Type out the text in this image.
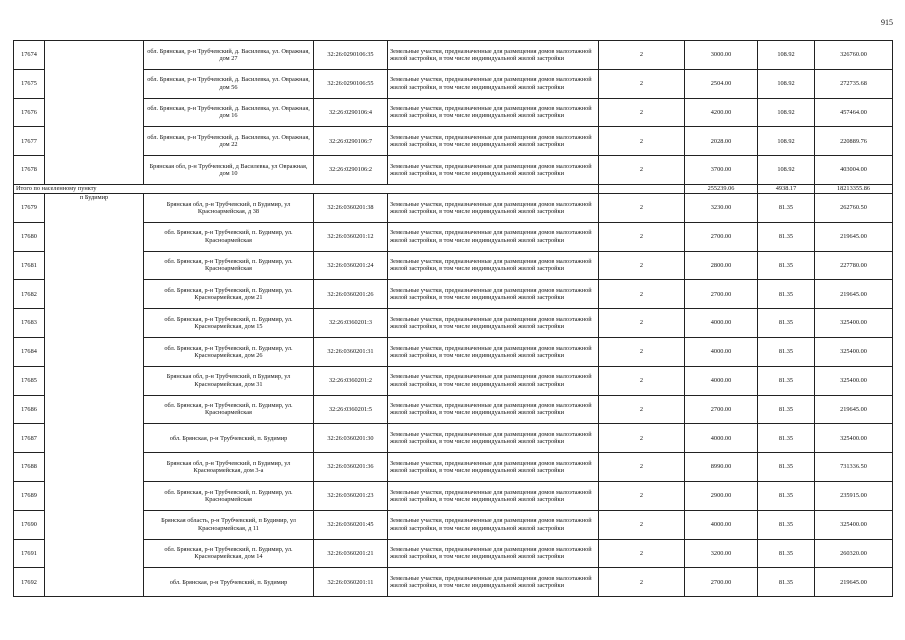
915
17674		обл. Брянская, р-н Трубчевский, д. Василевка, ул. Овражная, дом 27	32:26:0290106:35	Земельные участки, предназначенные для размещения домов малоэтажной жилой застройки, в том числе индивидуальной жилой застройки	2	3000.00	108.92	326760.00
17675		обл. Брянская, р-н Трубчевский, д. Василевка, ул. Овражная, дом 56	32:26:0290106:55	Земельные участки, предназначенные для размещения домов малоэтажной жилой застройки, в том числе индивидуальной жилой застройки	2	2504.00	108.92	272735.68
17676		обл. Брянская, р-н Трубчевский, д. Василевка, ул. Овражная, дом 16	32:26:0290106:4	Земельные участки, предназначенные для размещения домов малоэтажной жилой застройки, в том числе индивидуальной жилой застройки	2	4200.00	108.92	457464.00
17677		обл. Брянская, р-н Трубчевский, д. Василевка, ул. Овражная, дом 22	32:26:0290106:7	Земельные участки, предназначенные для размещения домов малоэтажной жилой застройки, в том числе индивидуальной жилой застройки	2	2028.00	108.92	220889.76
17678		Брянская обл, р-н Трубчевский, д Василевка, ул Овражная, дом 10	32:26:0290106:2	Земельные участки, предназначенные для размещения домов малоэтажной жилой застройки, в том числе индивидуальной жилой застройки	2	3700.00	108.92	403004.00
Итого по населенному пункту						255239.06	4938.17	18213355.86
17679	п Будимир	Брянская обл, р-н Трубчевский, п Будимир, ул Красноармейская, д 38	32:26:0360201:38	Земельные участки, предназначенные для размещения домов малоэтажной жилой застройки, в том числе индивидуальной жилой застройки	2	3230.00	81.35	262760.50
17680		обл. Брянская, р-н Трубчевский, п. Будимир, ул. Красноармейская	32:26:0360201:12	Земельные участки, предназначенные для размещения домов малоэтажной жилой застройки, в том числе индивидуальной жилой застройки	2	2700.00	81.35	219645.00
17681		обл. Брянская, р-н Трубчевский, п. Будимир, ул. Красноармейская	32:26:0360201:24	Земельные участки, предназначенные для размещения домов малоэтажной жилой застройки, в том числе индивидуальной жилой застройки	2	2800.00	81.35	227780.00
17682		обл. Брянская, р-н Трубчевский, п. Будимир, ул. Красноармейская, дом 21	32:26:0360201:26	Земельные участки, предназначенные для размещения домов малоэтажной жилой застройки, в том числе индивидуальной жилой застройки	2	2700.00	81.35	219645.00
17683		обл. Брянская, р-н Трубчевский, п. Будимир, ул. Красноармейская, дом 15	32:26:0360201:3	Земельные участки, предназначенные для размещения домов малоэтажной жилой застройки, в том числе индивидуальной жилой застройки	2	4000.00	81.35	325400.00
17684		обл. Брянская, р-н Трубчевский, п. Будимир, ул. Красноармейская, дом 26	32:26:0360201:31	Земельные участки, предназначенные для размещения домов малоэтажной жилой застройки, в том числе индивидуальной жилой застройки	2	4000.00	81.35	325400.00
17685		Брянская обл, р-н Трубчевский, п Будимир, ул Красноармейская, дом 31	32:26:0360201:2	Земельные участки, предназначенные для размещения домов малоэтажной жилой застройки, в том числе индивидуальной жилой застройки	2	4000.00	81.35	325400.00
17686		обл. Брянская, р-н Трубчевский, п. Будимир, ул. Красноармейская	32:26:0360201:5	Земельные участки, предназначенные для размещения домов малоэтажной жилой застройки, в том числе индивидуальной жилой застройки	2	2700.00	81.35	219645.00
17687		обл. Брянская, р-н Трубчевский, п. Будимир	32:26:0360201:30	Земельные участки, предназначенные для размещения домов малоэтажной жилой застройки, в том числе индивидуальной жилой застройки	2	4000.00	81.35	325400.00
17688		Брянская обл, р-н Трубчевский, п Будимир, ул Красноармейская, дом 3-а	32:26:0360201:36	Земельные участки, предназначенные для размещения домов малоэтажной жилой застройки, в том числе индивидуальной жилой застройки	2	8990.00	81.35	731336.50
17689		обл. Брянская, р-н Трубчевский, п. Будимир, ул. Красноармейская	32:26:0360201:23	Земельные участки, предназначенные для размещения домов малоэтажной жилой застройки, в том числе индивидуальной жилой застройки	2	2900.00	81.35	235915.00
17690		Брянская область, р-н Трубчевский, п Будимир, ул Красноармейская, д 11	32:26:0360201:45	Земельные участки, предназначенные для размещения домов малоэтажной жилой застройки, в том числе индивидуальной жилой застройки	2	4000.00	81.35	325400.00
17691		обл. Брянская, р-н Трубчевский, п. Будимир, ул. Красноармейская, дом 14	32:26:0360201:21	Земельные участки, предназначенные для размещения домов малоэтажной жилой застройки, в том числе индивидуальной жилой застройки	2	3200.00	81.35	260320.00
17692		обл. Брянская, р-н Трубчевский, п. Будимир	32:26:0360201:11	Земельные участки, предназначенные для размещения домов малоэтажной жилой застройки, в том числе индивидуальной жилой застройки	2	2700.00	81.35	219645.00
